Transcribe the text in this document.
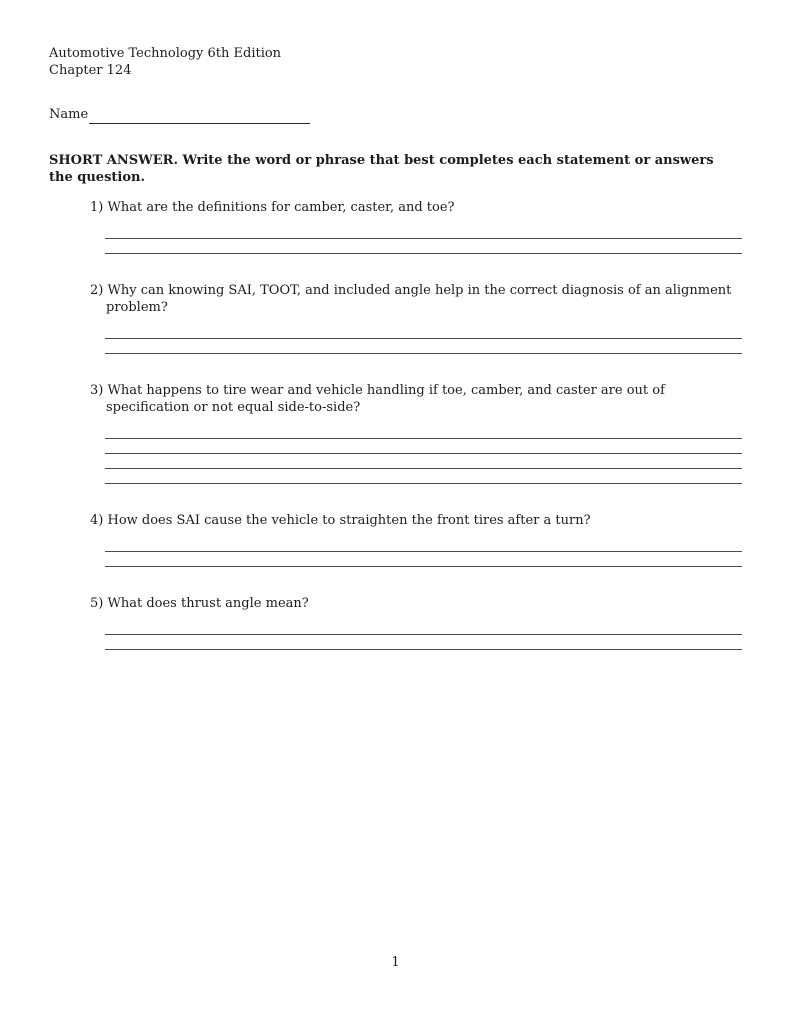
Automotive Technology 6th Edition

Chapter 124

Name
SHORT ANSWER. Write the word or phrase that best completes each statement or answers the question.
1) What are the definitions for camber, caster, and toe?
2) Why can knowing SAI, TOOT, and included angle help in the correct diagnosis of an alignment problem?
3) What happens to tire wear and vehicle handling if toe, camber, and caster are out of specification or not equal side-to-side?
4) How does SAI cause the vehicle to straighten the front tires after a turn?
5) What does thrust angle mean?
1
